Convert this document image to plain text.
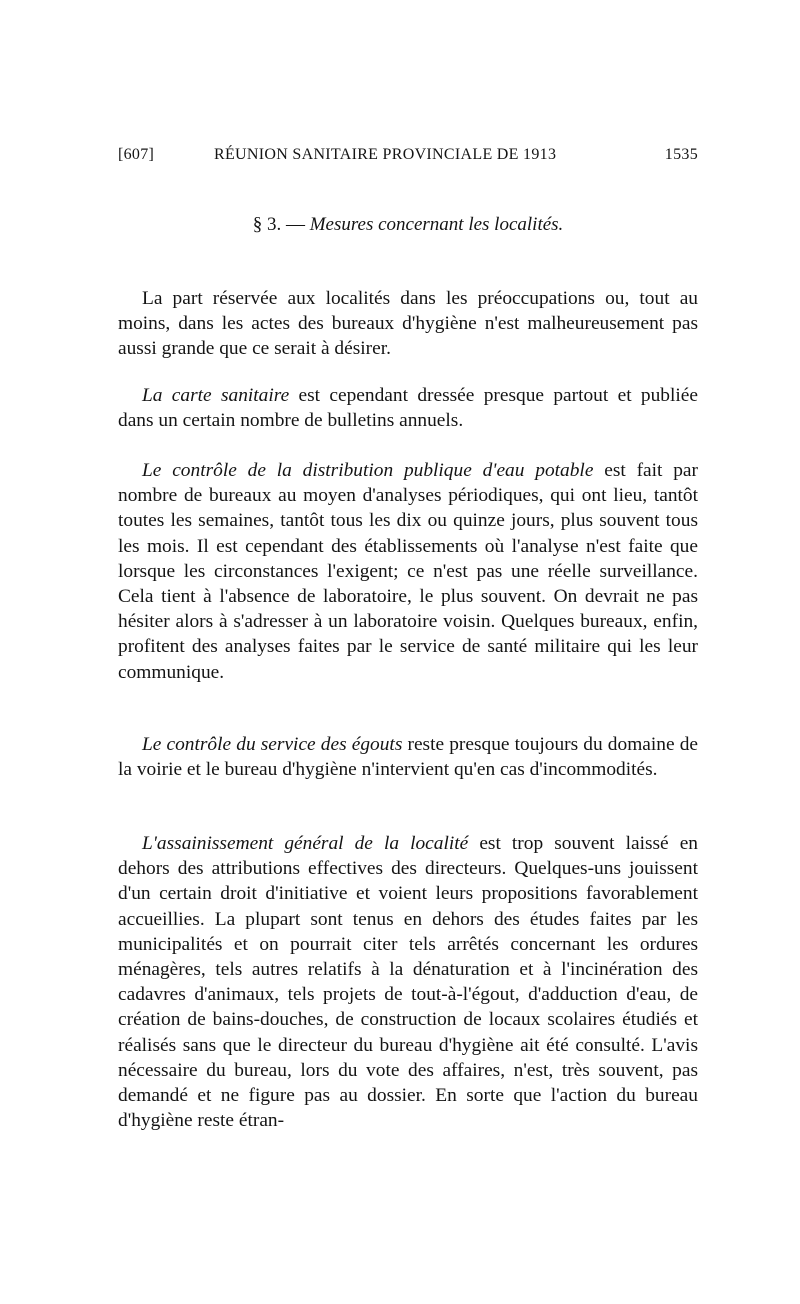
[607]	RÉUNION SANITAIRE PROVINCIALE DE 1913	1535
§ 3. — Mesures concernant les localités.

La part réservée aux localités dans les préoccupations ou, tout au moins, dans les actes des bureaux d'hygiène n'est malheureusement pas aussi grande que ce serait à désirer.

La carte sanitaire est cependant dressée presque partout et publiée dans un certain nombre de bulletins annuels.

Le contrôle de la distribution publique d'eau potable est fait par nombre de bureaux au moyen d'analyses périodiques, qui ont lieu, tantôt toutes les semaines, tantôt tous les dix ou quinze jours, plus souvent tous les mois. Il est cependant des établissements où l'analyse n'est faite que lorsque les circonstances l'exigent; ce n'est pas une réelle surveillance. Cela tient à l'absence de laboratoire, le plus souvent. On devrait ne pas hésiter alors à s'adresser à un laboratoire voisin. Quelques bureaux, enfin, profitent des analyses faites par le service de santé militaire qui les leur communique.

Le contrôle du service des égouts reste presque toujours du domaine de la voirie et le bureau d'hygiène n'intervient qu'en cas d'incommodités.

L'assainissement général de la localité est trop souvent laissé en dehors des attributions effectives des directeurs. Quelques-uns jouissent d'un certain droit d'initiative et voient leurs propositions favorablement accueillies. La plupart sont tenus en dehors des études faites par les municipalités et on pourrait citer tels arrêtés concernant les ordures ménagères, tels autres relatifs à la dénaturation et à l'incinération des cadavres d'animaux, tels projets de tout-à-l'égout, d'adduction d'eau, de création de bains-douches, de construction de locaux scolaires étudiés et réalisés sans que le directeur du bureau d'hygiène ait été consulté. L'avis nécessaire du bureau, lors du vote des affaires, n'est, très souvent, pas demandé et ne figure pas au dossier. En sorte que l'action du bureau d'hygiène reste étran-
